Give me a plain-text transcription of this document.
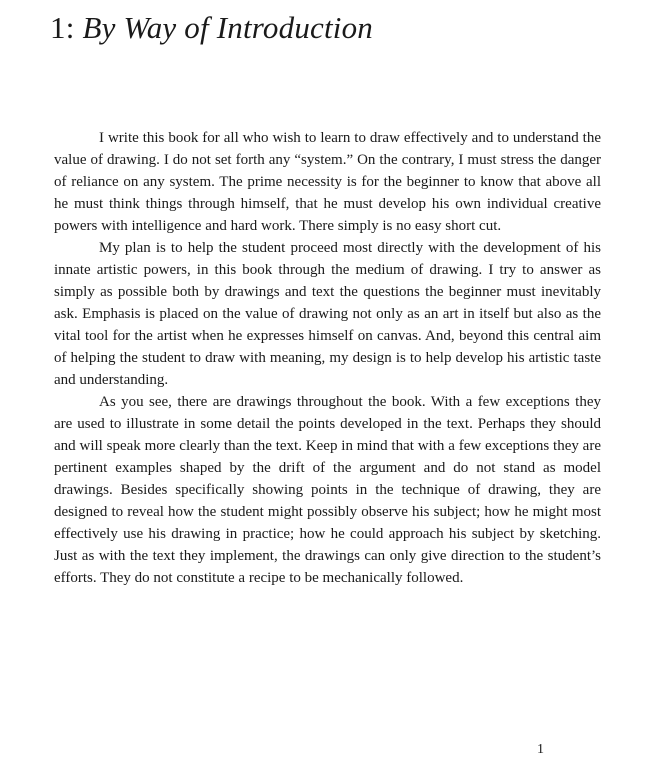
1: By Way of Introduction

I write this book for all who wish to learn to draw effectively and to understand the value of drawing. I do not set forth any “system.” On the contrary, I must stress the danger of reliance on any system. The prime necessity is for the beginner to know that above all he must think things through himself, that he must develop his own individual creative powers with intelligence and hard work. There simply is no easy short cut.

My plan is to help the student proceed most directly with the development of his innate artistic powers, in this book through the medium of drawing. I try to answer as simply as possible both by drawings and text the questions the beginner must inevitably ask. Emphasis is placed on the value of drawing not only as an art in itself but also as the vital tool for the artist when he expresses himself on canvas. And, beyond this central aim of helping the student to draw with meaning, my design is to help develop his artistic taste and understanding.

As you see, there are drawings throughout the book. With a few exceptions they are used to illustrate in some detail the points developed in the text. Perhaps they should and will speak more clearly than the text. Keep in mind that with a few exceptions they are pertinent examples shaped by the drift of the argument and do not stand as model drawings. Besides specifically showing points in the technique of drawing, they are designed to reveal how the student might possibly observe his subject; how he might most effectively use his drawing in practice; how he could approach his subject by sketching. Just as with the text they implement, the drawings can only give direction to the student’s efforts. They do not constitute a recipe to be mechanically followed.

1
